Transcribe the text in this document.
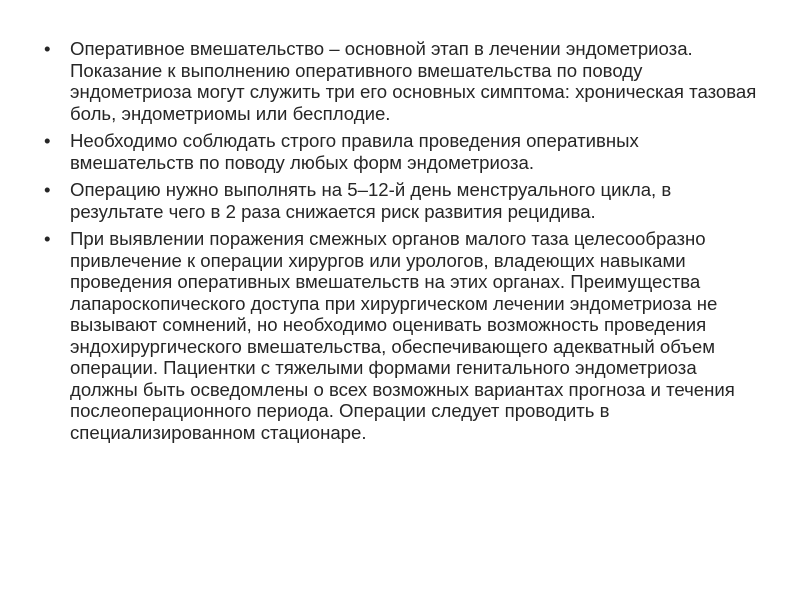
• Оперативное вмешательство – основной этап в лечении эндометриоза. Показание к выполнению оперативного вмешательства по поводу эндометриоза могут служить три его основных симптома: хроническая тазовая боль, эндометриомы или бесплодие.
• Необходимо соблюдать строго правила проведения оперативных вмешательств по поводу любых форм эндометриоза.
• Операцию нужно выполнять на 5–12-й день менструального цикла, в результате чего в 2 раза снижается риск развития рецидива.
• При выявлении поражения смежных органов малого таза целесообразно привлечение к операции хирургов или урологов, владеющих навыками проведения оперативных вмешательств на этих органах. Преимущества лапароскопического доступа при хирургическом лечении эндометриоза не вызывают сомнений, но необходимо оценивать возможность проведения эндохирургического вмешательства, обеспечивающего адекватный объем операции. Пациентки с тяжелыми формами генитального эндометриоза должны быть осведомлены о всех возможных вариантах прогноза и течения послеоперационного периода. Операции следует проводить в специализированном стационаре.
